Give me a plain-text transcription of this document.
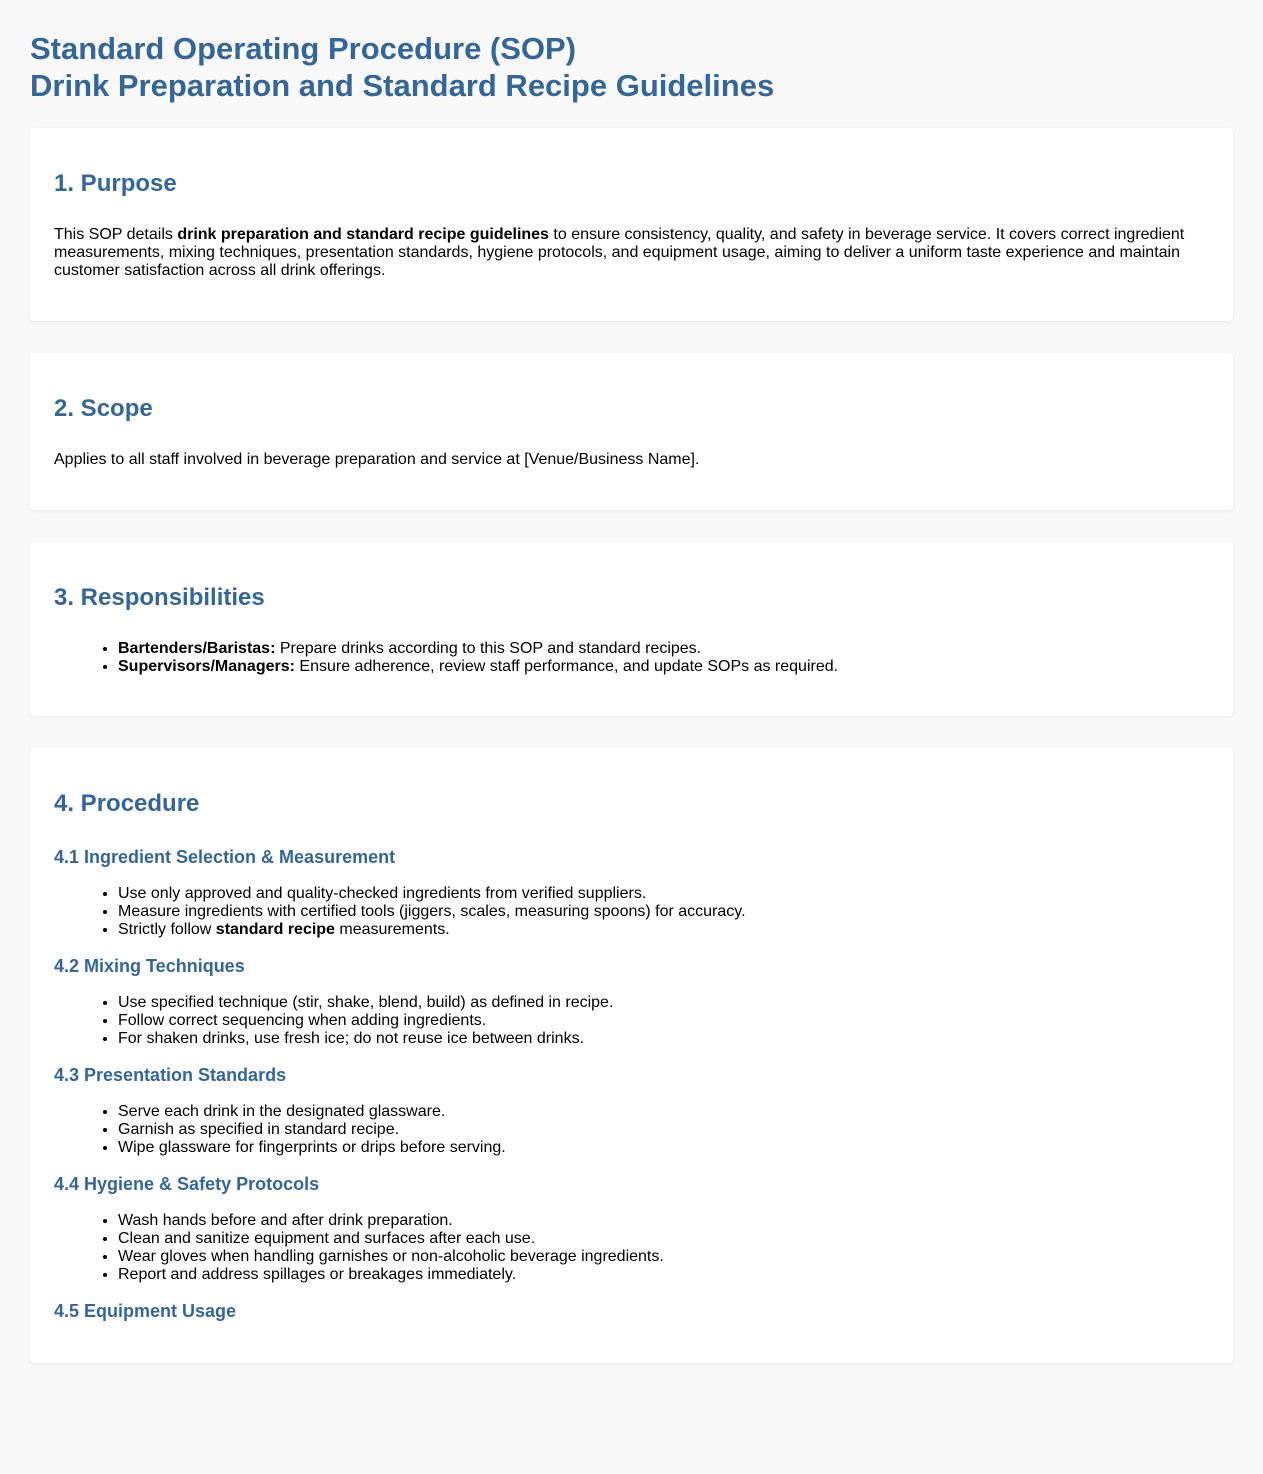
Standard Operating Procedure (SOP)
Drink Preparation and Standard Recipe Guidelines
1. Purpose

This SOP details drink preparation and standard recipe guidelines to ensure consistency, quality, and safety in beverage service. It covers correct ingredient measurements, mixing techniques, presentation standards, hygiene protocols, and equipment usage, aiming to deliver a uniform taste experience and maintain customer satisfaction across all drink offerings.

2. Scope

Applies to all staff involved in beverage preparation and service at [Venue/Business Name].

3. Responsibilities
• Bartenders/Baristas: Prepare drinks according to this SOP and standard recipes.
• Supervisors/Managers: Ensure adherence, review staff performance, and update SOPs as required.
4. Procedure
4.1 Ingredient Selection & Measurement
• Use only approved and quality-checked ingredients from verified suppliers.
• Measure ingredients with certified tools (jiggers, scales, measuring spoons) for accuracy.
• Strictly follow standard recipe measurements.
4.2 Mixing Techniques
• Use specified technique (stir, shake, blend, build) as defined in recipe.
• Follow correct sequencing when adding ingredients.
• For shaken drinks, use fresh ice; do not reuse ice between drinks.
4.3 Presentation Standards
• Serve each drink in the designated glassware.
• Garnish as specified in standard recipe.
• Wipe glassware for fingerprints or drips before serving.
4.4 Hygiene & Safety Protocols
• Wash hands before and after drink preparation.
• Clean and sanitize equipment and surfaces after each use.
• Wear gloves when handling garnishes or non-alcoholic beverage ingredients.
• Report and address spillages or breakages immediately.
4.5 Equipment Usage
